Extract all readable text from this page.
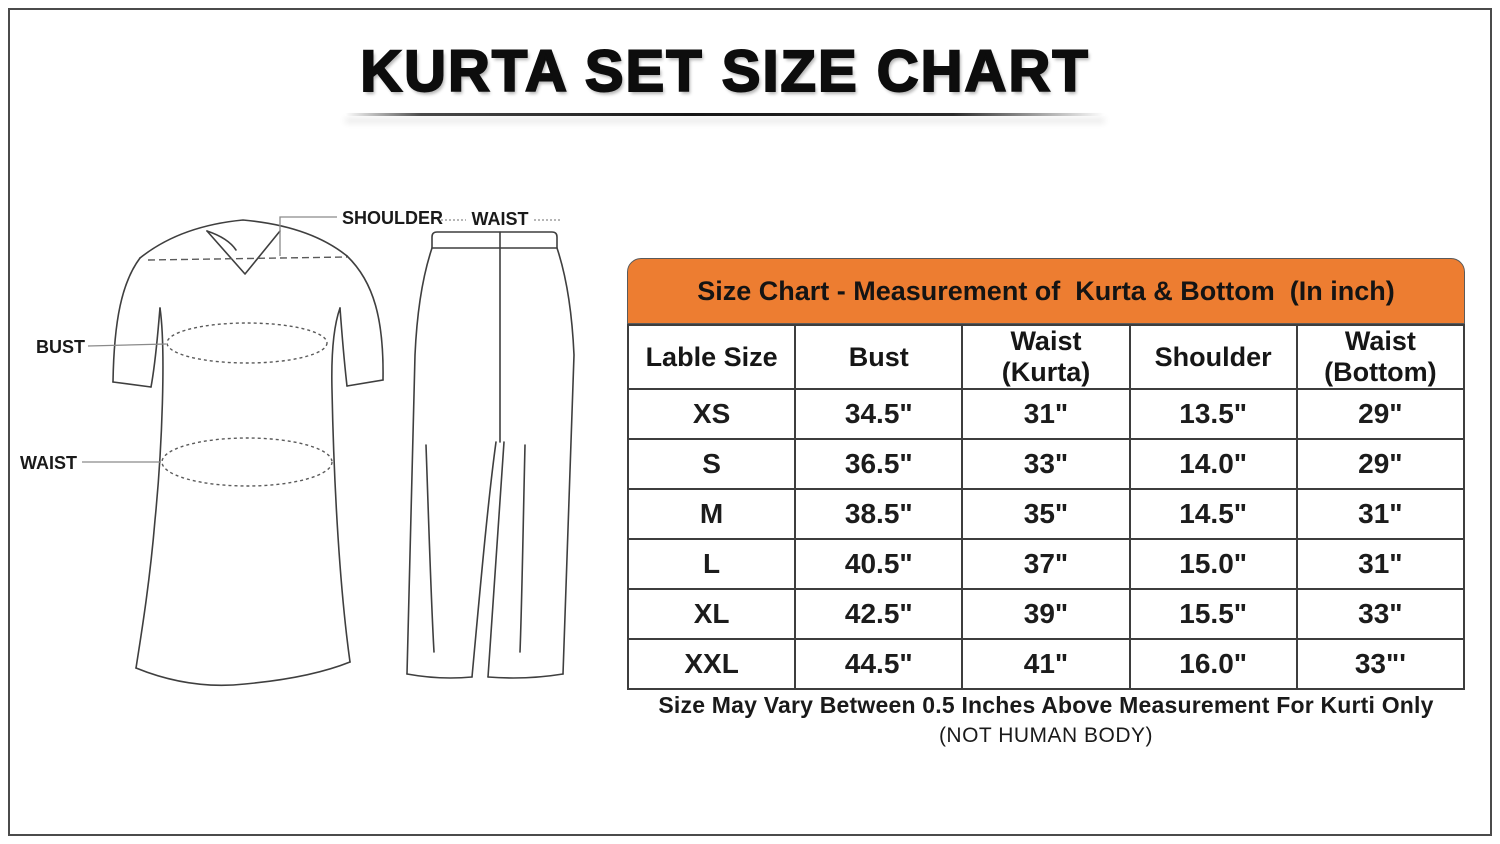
KURTA SET SIZE CHART
SHOULDER
BUST
WAIST
WAIST
Size Chart - Measurement of  Kurta & Bottom  (In inch)
Lable Size	Bust	Waist (Kurta)	Shoulder	Waist (Bottom)
XS	34.5"	31"	13.5"	29"
S	36.5"	33"	14.0"	29"
M	38.5"	35"	14.5"	31"
L	40.5"	37"	15.0"	31"
XL	42.5"	39"	15.5"	33"
XXL	44.5"	41"	16.0"	33"'
Size May Vary Between 0.5 Inches Above Measurement For Kurti Only
(NOT HUMAN BODY)
